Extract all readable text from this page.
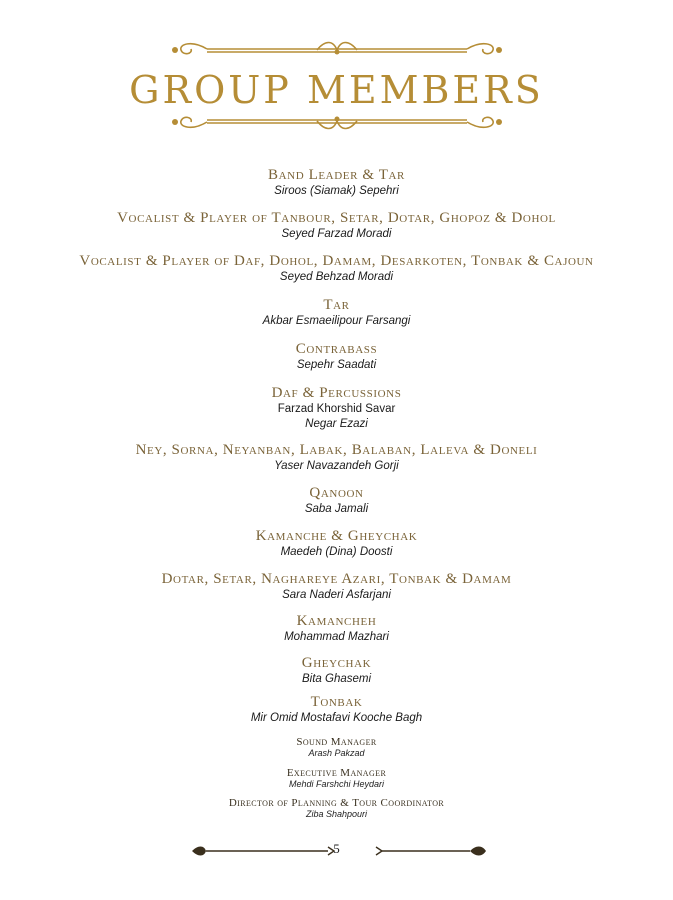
GROUP MEMBERS
Band Leader & Tar
Siroos (Siamak) Sepehri
Vocalist & Player of Tanbour, Setar, Dotar, Ghopoz & Dohol
Seyed Farzad Moradi
Vocalist & Player of Daf, Dohol, Damam, Desarkoten, Tonbak & Cajoun
Seyed Behzad Moradi
Tar
Akbar Esmaeilipour Farsangi
Contrabass
Sepehr Saadati
Daf & Percussions
Farzad Khorshid Savar
Negar Ezazi
Ney, Sorna, Neyanban, Labak, Balaban, Laleva & Doneli
Yaser Navazandeh Gorji
Qanoon
Saba Jamali
Kamanche & Gheychak
Maedeh (Dina) Doosti
Dotar, Setar, Naghareye Azari, Tonbak & Damam
Sara Naderi Asfarjani
Kamancheh
Mohammad Mazhari
Gheychak
Bita Ghasemi
Tonbak
Mir Omid Mostafavi Kooche Bagh
Sound Manager
Arash Pakzad
Executive Manager
Mehdi Farshchi Heydari
Director of Planning & Tour Coordinator
Ziba Shahpouri
5
